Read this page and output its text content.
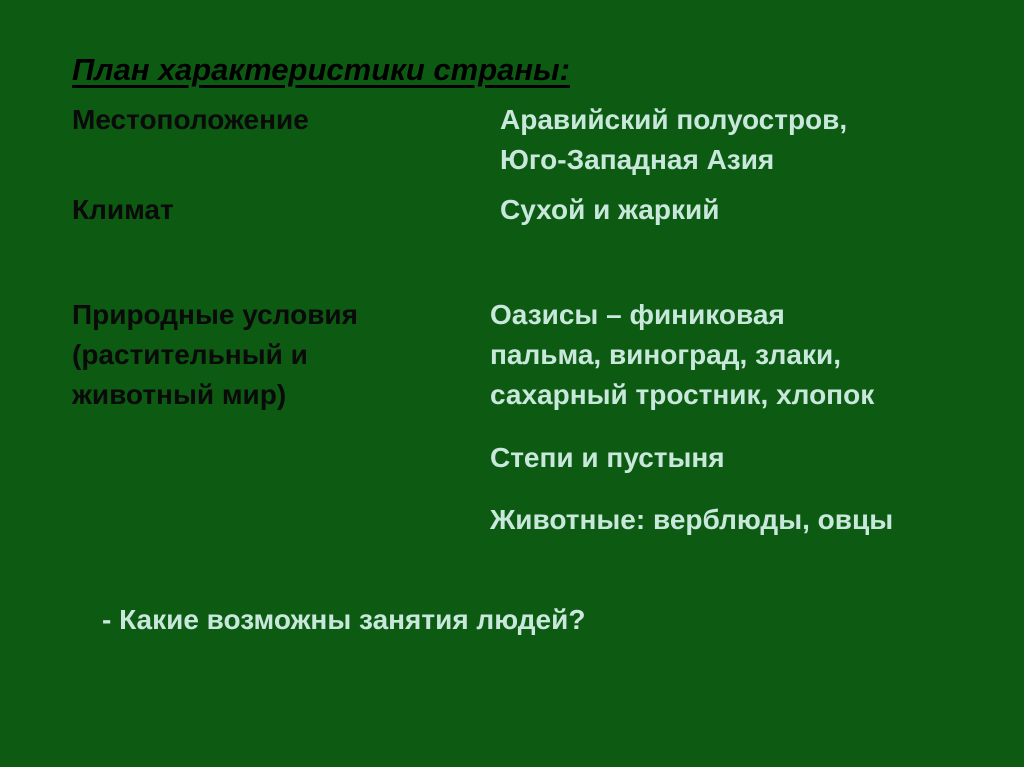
План характеристики страны:
Местоположение	Аравийский полуостров,
Юго-Западная Азия
Климат	Сухой и жаркий
Природные условия
(растительный и
животный мир)
Оазисы – финиковая
пальма, виноград, злаки,
сахарный тростник, хлопок
Степи и пустыня
Животные: верблюды, овцы
- Какие возможны занятия людей?
